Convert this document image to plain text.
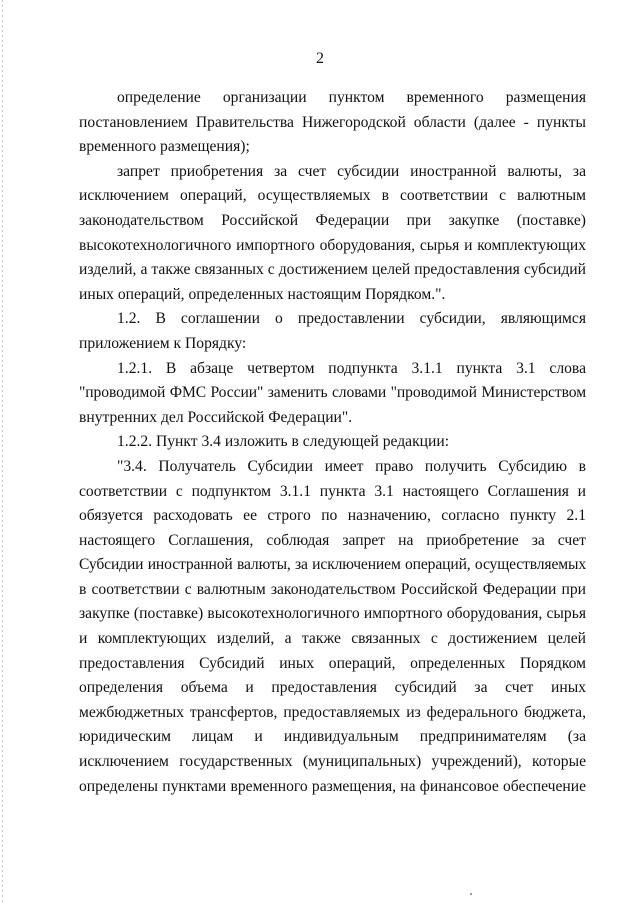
2
определение организации пунктом временного размещения
постановлением Правительства Нижегородской области (далее - пункты
временного размещения);
запрет приобретения за счет субсидии иностранной валюты, за
исключением операций, осуществляемых в соответствии с валютным
законодательством Российской Федерации при закупке (поставке)
высокотехнологичного импортного оборудования, сырья и комплектующих
изделий, а также связанных с достижением целей предоставления субсидий
иных операций, определенных настоящим Порядком.".
1.2. В соглашении о предоставлении субсидии, являющимся
приложением к Порядку:
1.2.1. В абзаце четвертом подпункта 3.1.1 пункта 3.1 слова
"проводимой ФМС России" заменить словами "проводимой Министерством
внутренних дел Российской Федерации".
1.2.2. Пункт 3.4 изложить в следующей редакции:
"3.4. Получатель Субсидии имеет право получить Субсидию в
соответствии с подпунктом 3.1.1 пункта 3.1 настоящего Соглашения и
обязуется расходовать ее строго по назначению, согласно пункту 2.1
настоящего Соглашения, соблюдая запрет на приобретение за счет
Субсидии иностранной валюты, за исключением операций, осуществляемых
в соответствии с валютным законодательством Российской Федерации при
закупке (поставке) высокотехнологичного импортного оборудования, сырья
и комплектующих изделий, а также связанных с достижением целей
предоставления Субсидий иных операций, определенных Порядком
определения объема и предоставления субсидий за счет иных
межбюджетных трансфертов, предоставляемых из федерального бюджета,
юридическим лицам и индивидуальным предпринимателям (за
исключением государственных (муниципальных) учреждений), которые
определены пунктами временного размещения, на финансовое обеспечение
